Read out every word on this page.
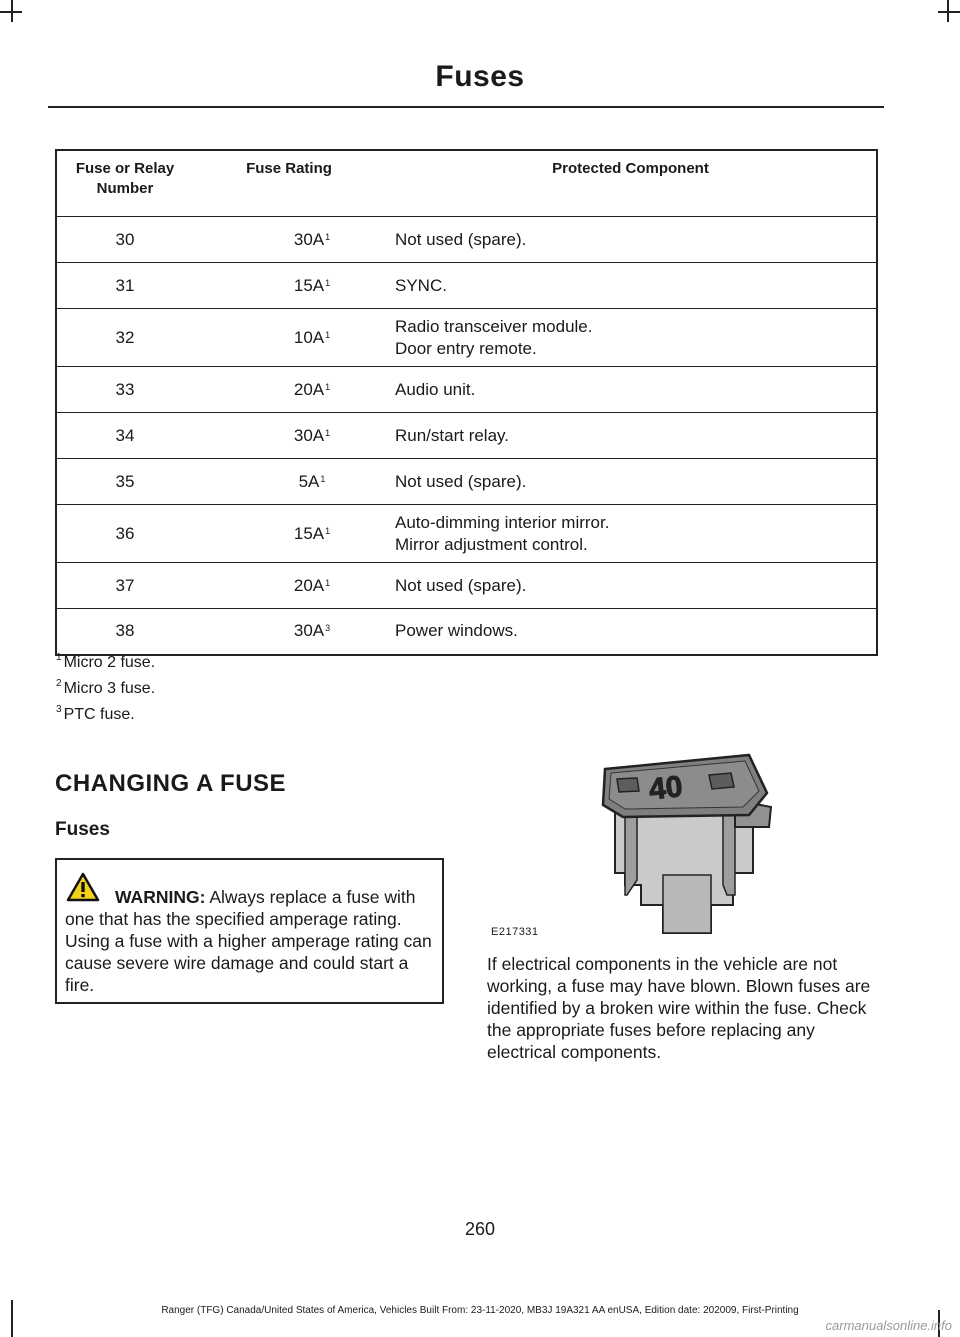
Fuses
Fuse or Relay
Number	Fuse Rating	Protected Component
30	$30A^1$	Not used (spare).

31	$15A^1$	SYNC.

32	$10A^1$	Radio transceiver module.
Door entry remote.

33	$20A^1$	Audio unit.

34	$30A^1$	Run/start relay.

35	$5A^1$	Not used (spare).

36	$15A^1$	Auto-dimming interior mirror.
Mirror adjustment control.

37	$20A^1$	Not used (spare).

38	$30A^3$	Power windows.
$^1$ Micro 2 fuse.
$^2$ Micro 3 fuse.
$^3$ PTC fuse.
CHANGING A FUSE
Fuses
WARNING: Always replace a fuse with one that has the specified amperage rating. Using a fuse with a higher amperage rating can cause severe wire damage and could start a fire.
40
E217331
If electrical components in the vehicle are not working, a fuse may have blown. Blown fuses are identified by a broken wire within the fuse. Check the appropriate fuses before replacing any electrical components.
260
Ranger (TFG) Canada/United States of America, Vehicles Built From: 23-11-2020, MB3J 19A321 AA enUSA, Edition date: 202009, First-Printing
carmanualsonline.info
